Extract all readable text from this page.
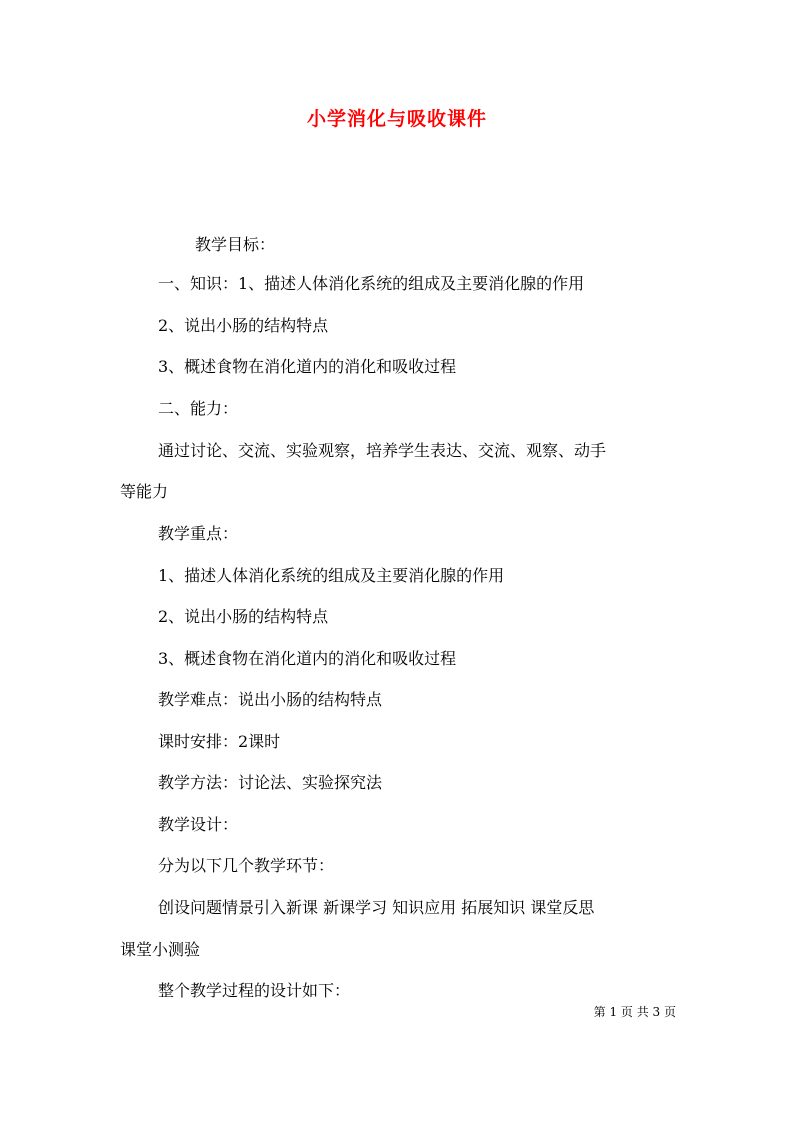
小学消化与吸收课件
教学目标：
一、知识：1、描述人体消化系统的组成及主要消化腺的作用
2、说出小肠的结构特点
3、概述食物在消化道内的消化和吸收过程
二、能力：
通过讨论、交流、实验观察，培养学生表达、交流、观察、动手
等能力
教学重点：
1、描述人体消化系统的组成及主要消化腺的作用
2、说出小肠的结构特点
3、概述食物在消化道内的消化和吸收过程
教学难点：说出小肠的结构特点
课时安排：2课时
教学方法：讨论法、实验探究法
教学设计：
分为以下几个教学环节：
创设问题情景引入新课 新课学习 知识应用 拓展知识 课堂反思
课堂小测验
整个教学过程的设计如下：
第 1 页 共 3 页
